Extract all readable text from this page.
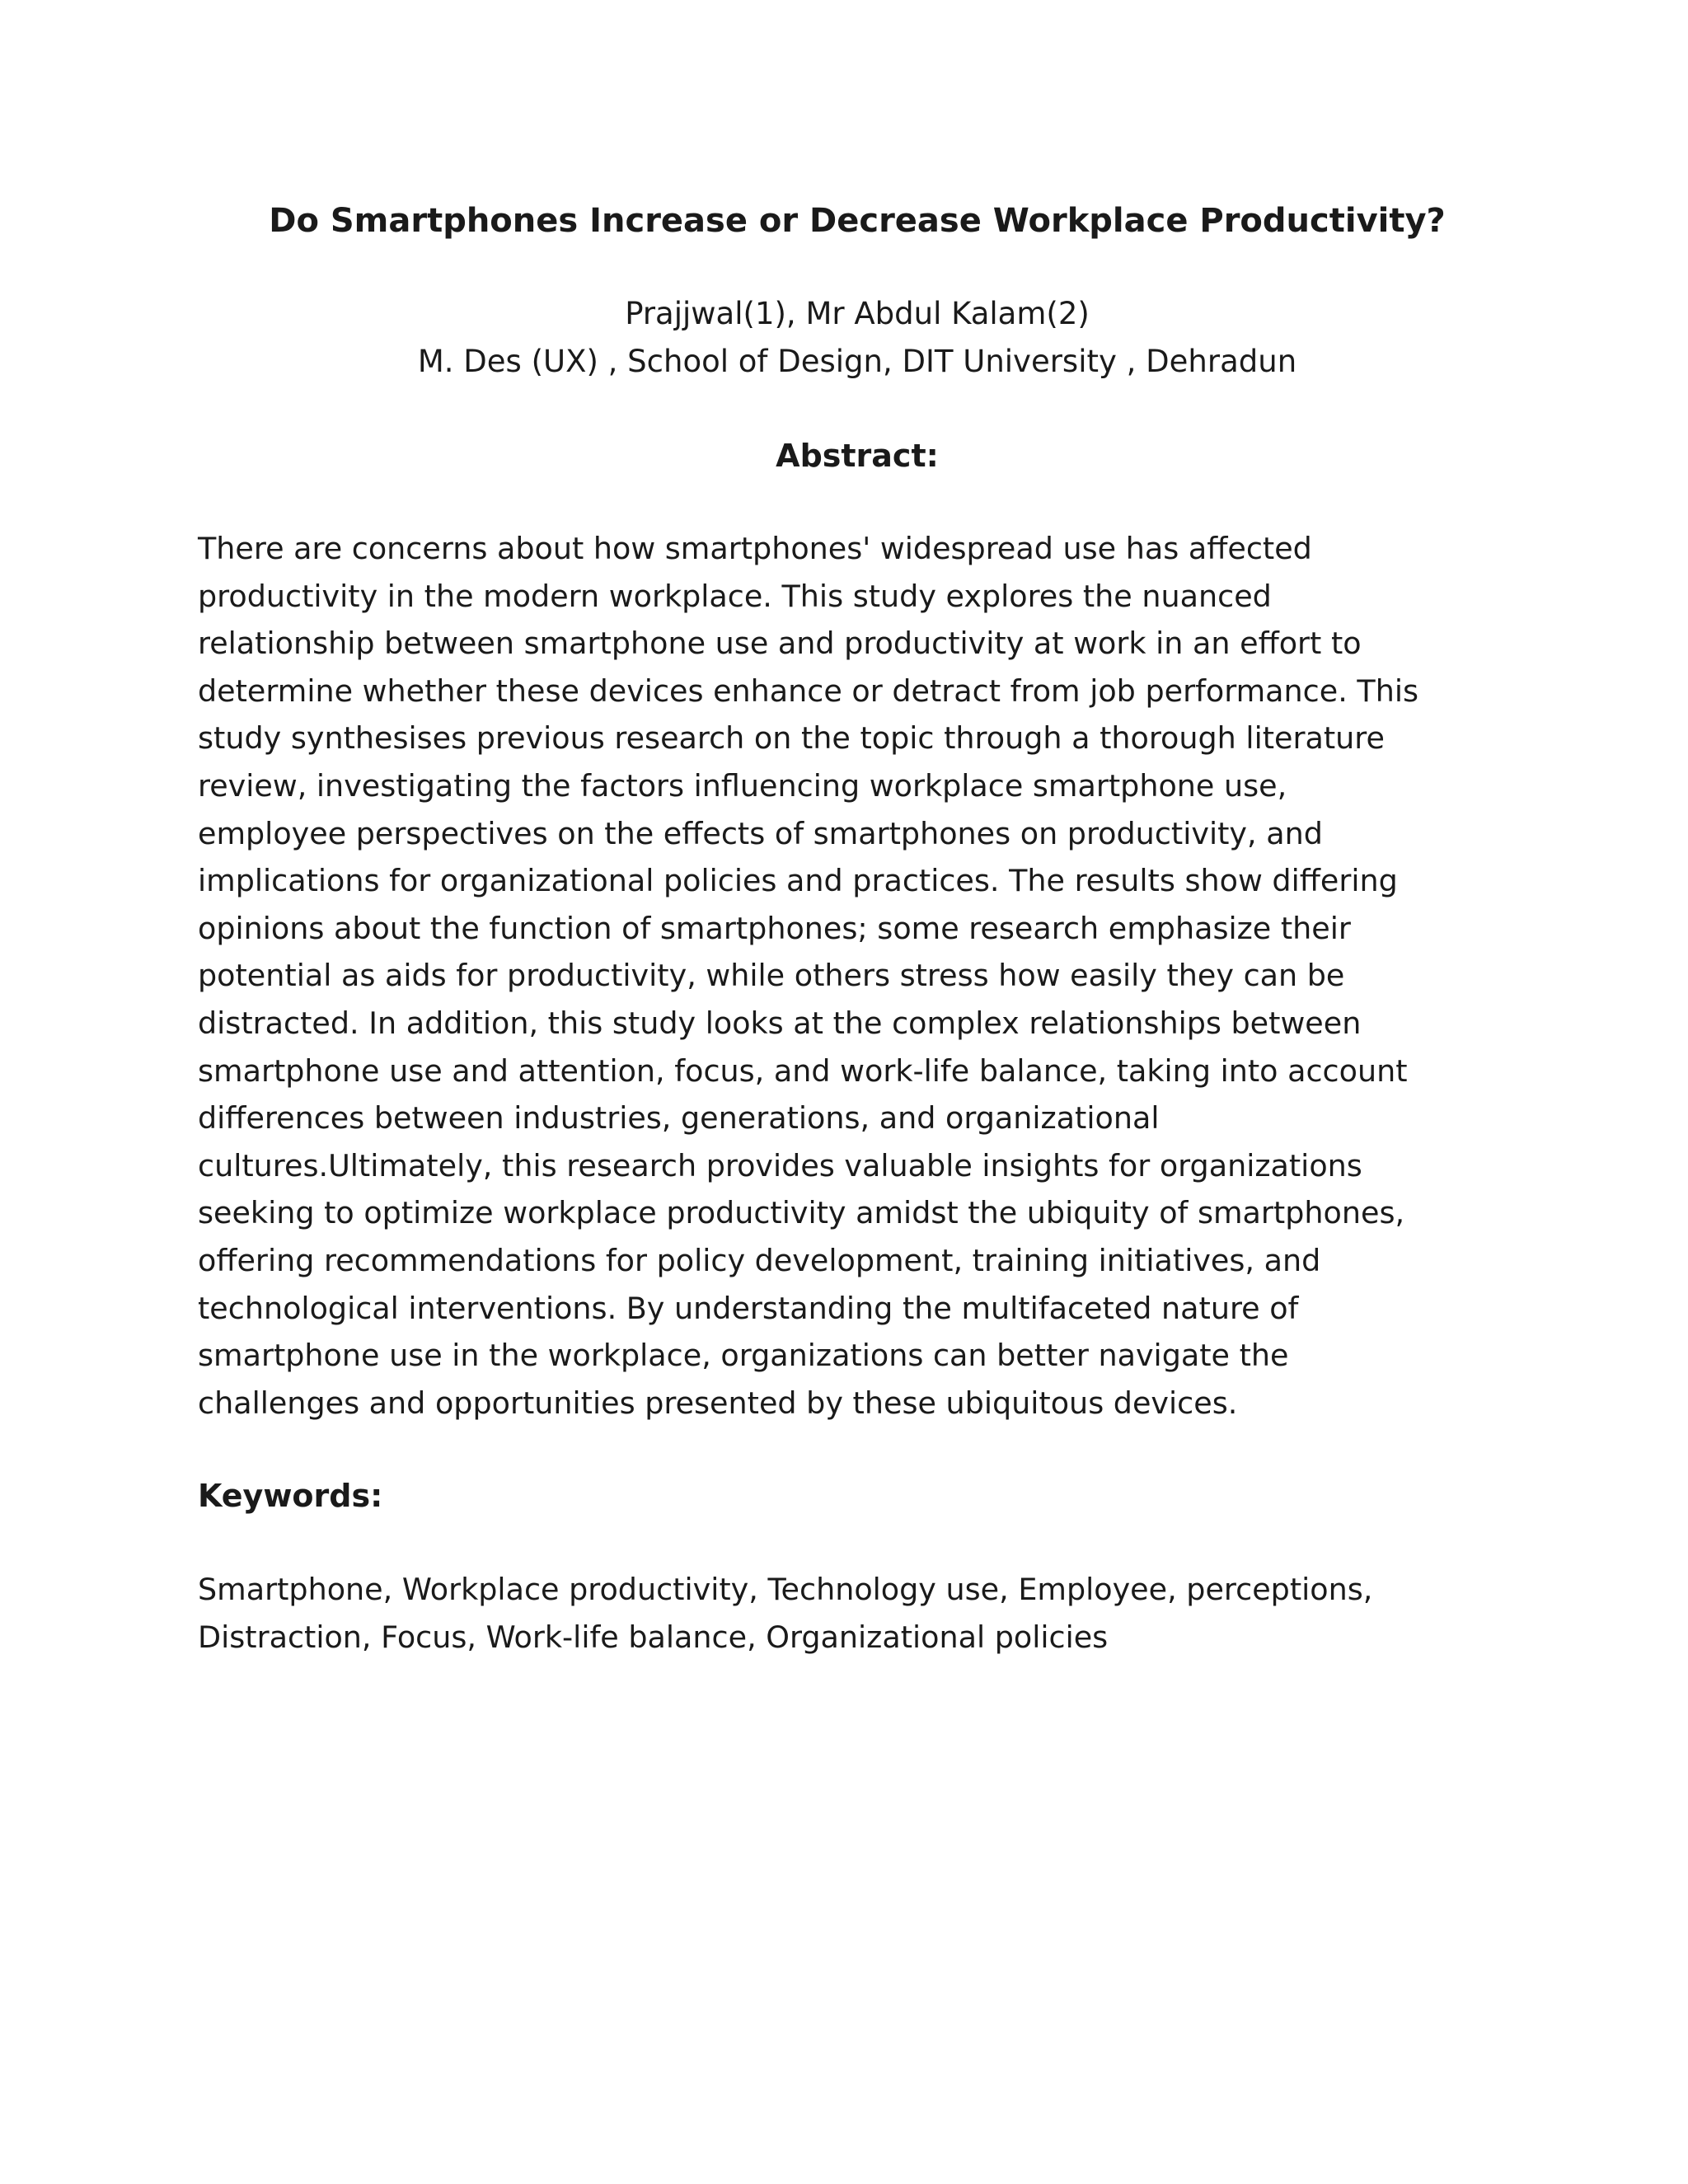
Do Smartphones Increase or Decrease Workplace Productivity?
Prajjwal(1), Mr Abdul Kalam(2)
M. Des (UX) , School of Design, DIT University , Dehradun
Abstract:

There are concerns about how smartphones' widespread use has affected
productivity in the modern workplace. This study explores the nuanced
relationship between smartphone use and productivity at work in an effort to
determine whether these devices enhance or detract from job performance. This
study synthesises previous research on the topic through a thorough literature
review, investigating the factors influencing workplace smartphone use,
employee perspectives on the effects of smartphones on productivity, and
implications for organizational policies and practices. The results show differing
opinions about the function of smartphones; some research emphasize their
potential as aids for productivity, while others stress how easily they can be
distracted. In addition, this study looks at the complex relationships between
smartphone use and attention, focus, and work-life balance, taking into account
differences between industries, generations, and organizational
cultures.Ultimately, this research provides valuable insights for organizations
seeking to optimize workplace productivity amidst the ubiquity of smartphones,
offering recommendations for policy development, training initiatives, and
technological interventions. By understanding the multifaceted nature of
smartphone use in the workplace, organizations can better navigate the
challenges and opportunities presented by these ubiquitous devices.

Keywords:

Smartphone, Workplace productivity, Technology use, Employee, perceptions,
Distraction, Focus, Work-life balance, Organizational policies
